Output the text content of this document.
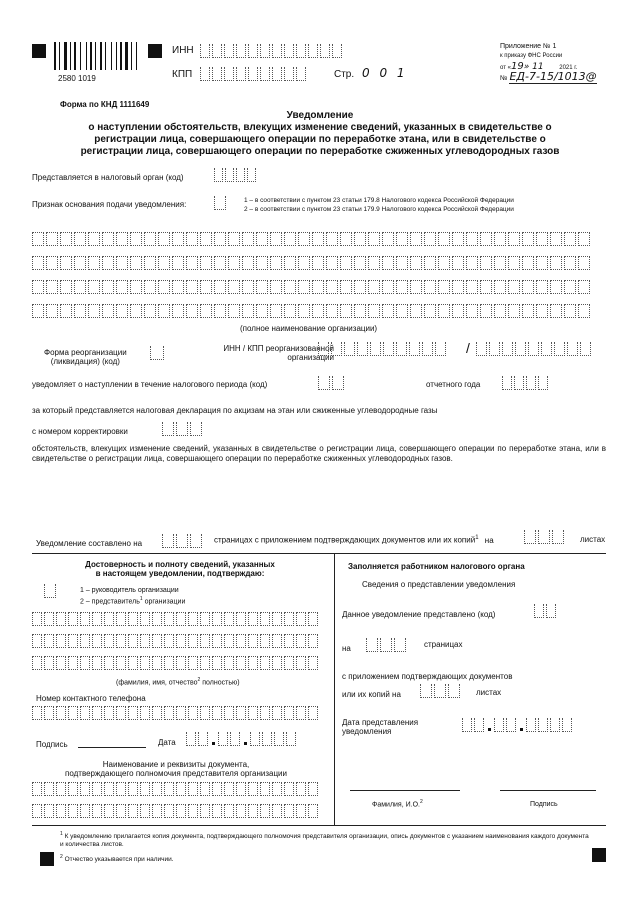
2580 1019
ИНН
КПП	Стр. 0 0 1
Приложение № 1
к приказу ФНС России
от «19» 11	2021 г.
№ ЕД-7-15/1013@
Форма по КНД 1111649
Уведомление
о наступлении обстоятельств, влекущих изменение сведений, указанных в свидетельстве о
регистрации лица, совершающего операции по переработке этана, или в свидетельстве о
регистрации лица, совершающего операции по переработке сжиженных углеводородных газов
Представляется в налоговый орган (код)
Признак основания подачи уведомления:	1 – в соответствии с пунктом 23 статьи 179.8 Налогового кодекса Российской Федерации
2 – в соответствии с пунктом 23 статьи 179.9 Налогового кодекса Российской Федерации
(полное наименование организации)
Форма реорганизации
(ликвидация) (код)
ИНН / КПП реорганизованной
организации
/
уведомляет о наступлении в течение налогового периода (код)	отчетного года
за который представляется налоговая декларация по акцизам на этан или сжиженные углеводородные газы
с номером корректировки
обстоятельств, влекущих изменение сведений, указанных в свидетельстве о регистрации лица, совершающего операции по переработке этана, или в свидетельстве о регистрации лица, совершающего операции по переработке сжиженных углеводородных газов.
Уведомление составлено на	страницах с приложением подтверждающих документов или их копий$^1$ на	листах
Достоверность и полноту сведений, указанных
в настоящем уведомлении, подтверждаю:
1 – руководитель организации
2 – представитель$^1$ организации
(фамилия, имя, отчество$^2$ полностью)
Номер контактного телефона
Подпись	Дата
Наименование и реквизиты документа,
подтверждающего полномочия представителя организации
Заполняется работником налогового органа
Сведения о представлении уведомления
Данное уведомление представлено (код)
на	страницах
с приложением подтверждающих документов
или их копий на	листах
Дата представления
уведомления
Фамилия, И.О.$^2$	Подпись
$^1$ К уведомлению прилагается копия документа, подтверждающего полномочия представителя организации, опись документов с указанием наименования каждого документа и количества листов.
$^2$ Отчество указывается при наличии.
